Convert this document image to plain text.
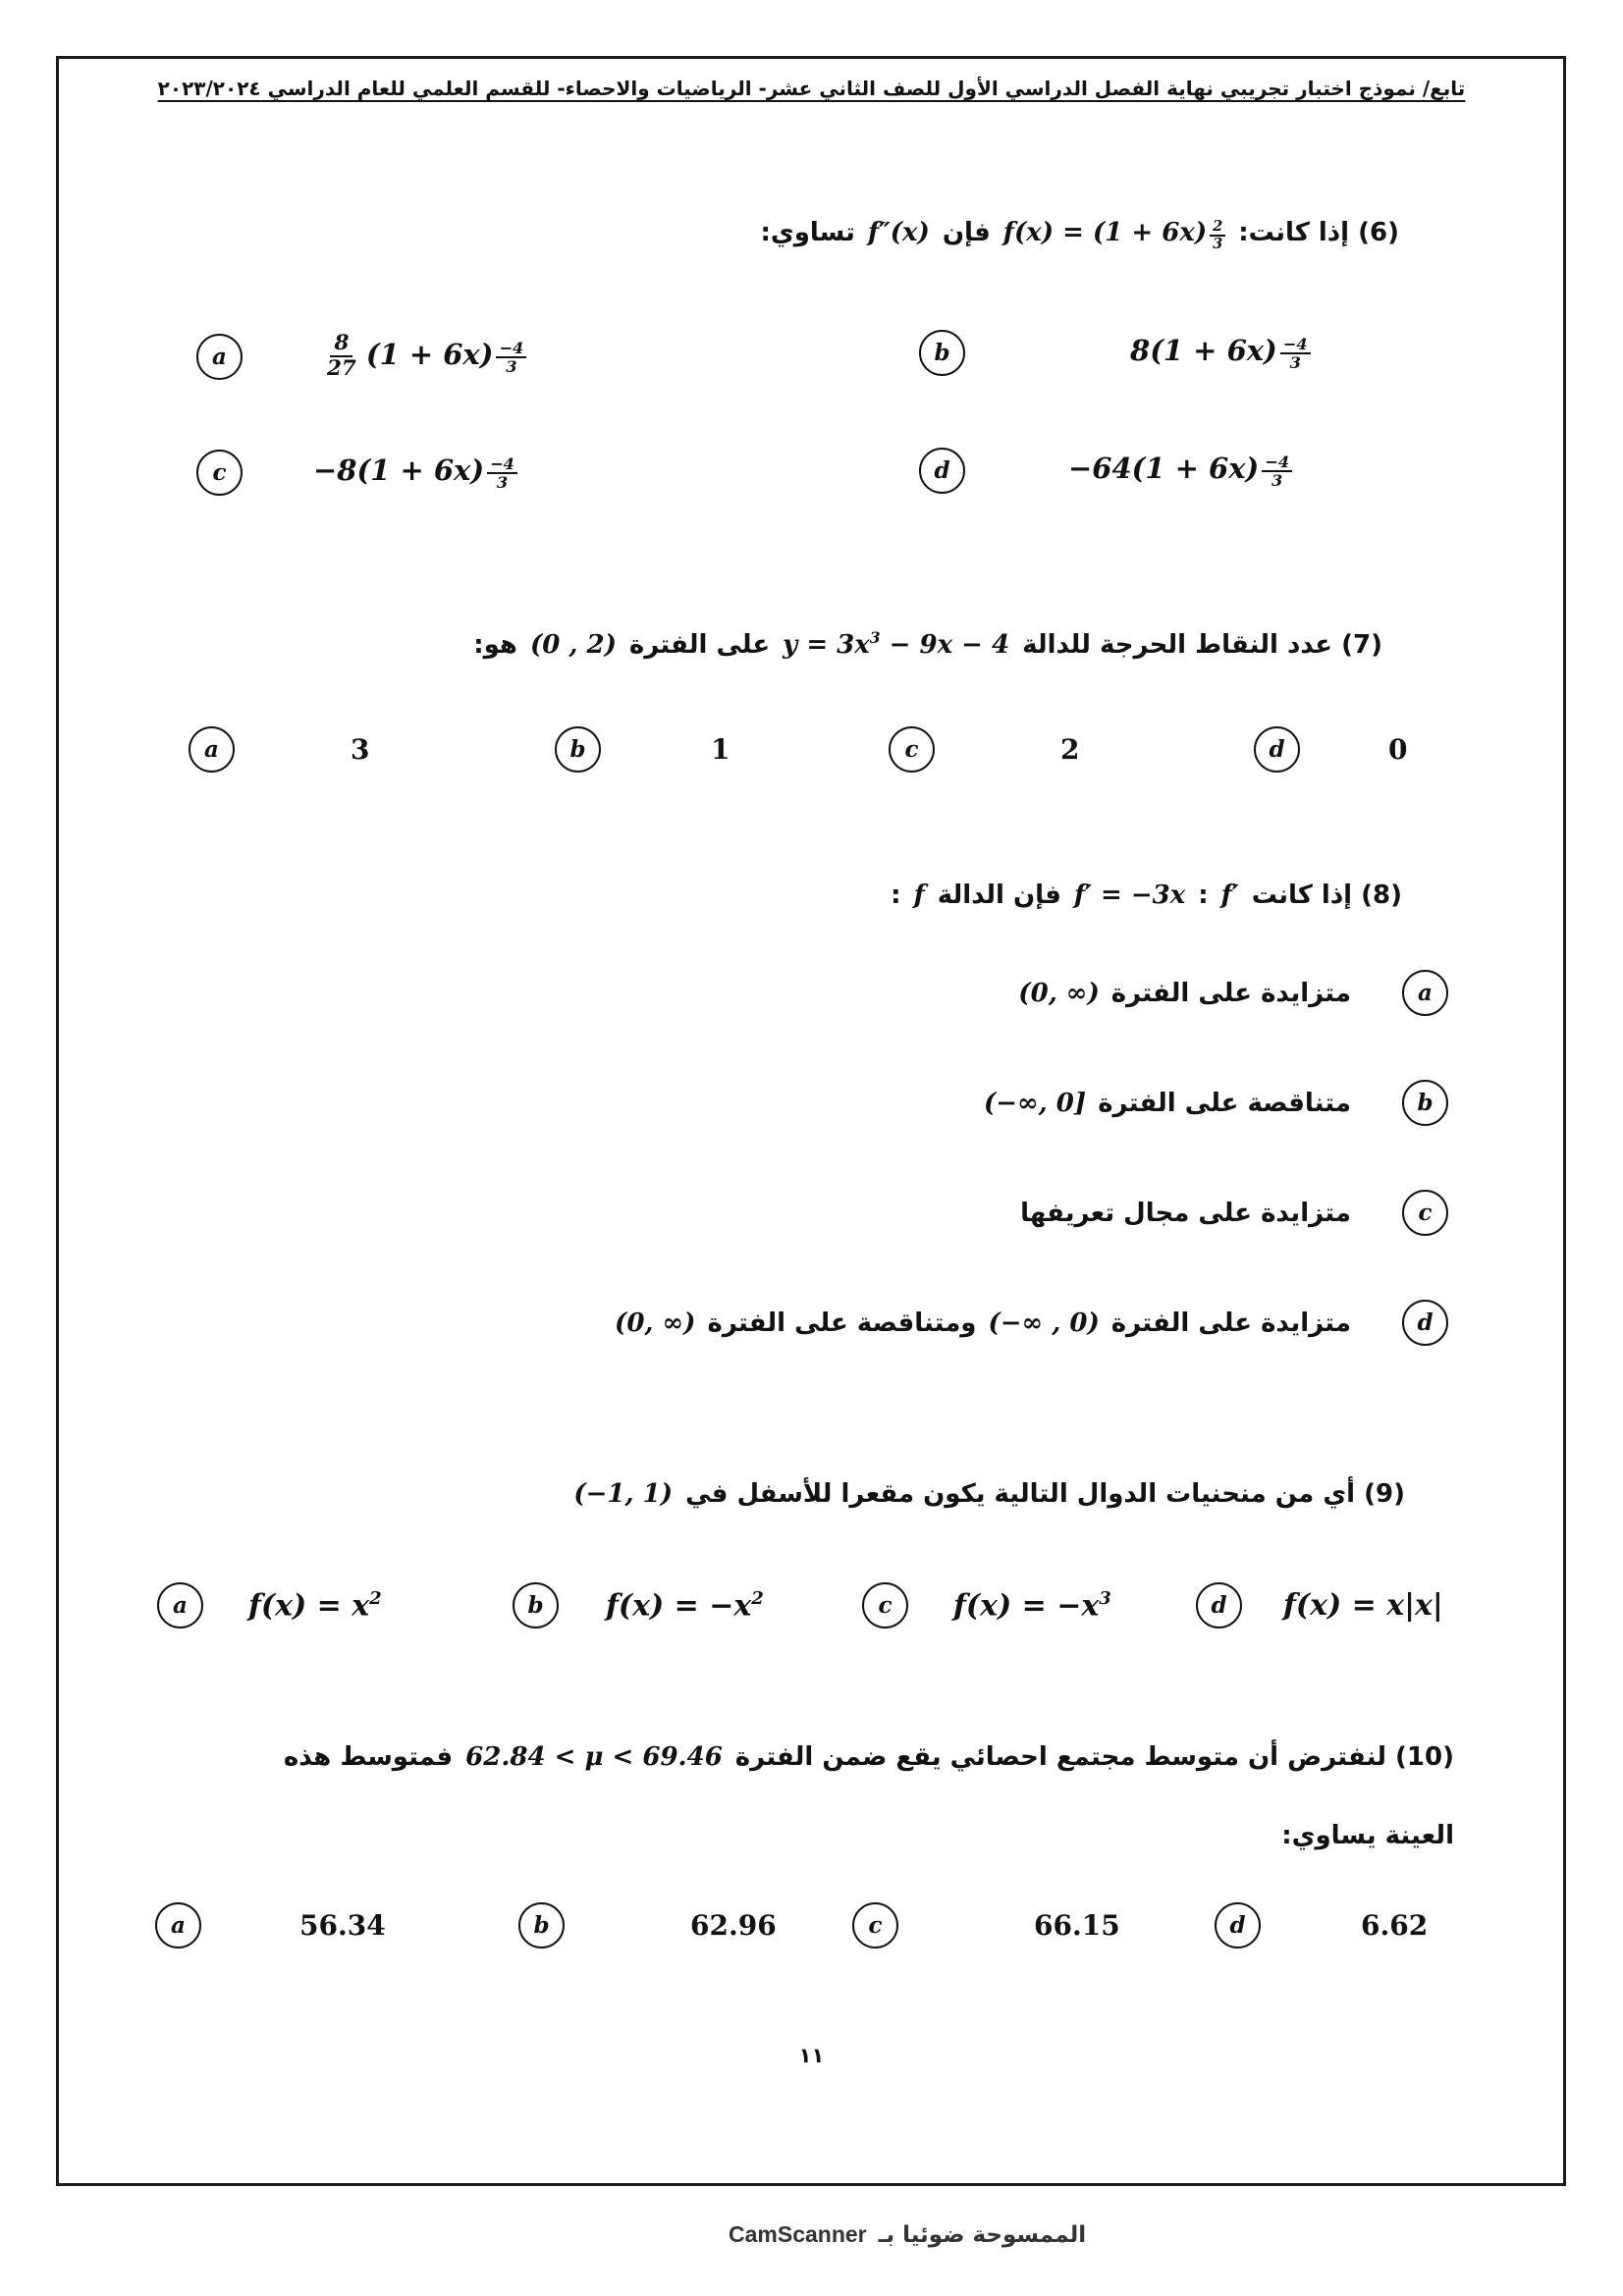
تابع/ نموذج اختبار تجريبي نهاية الفصل الدراسي الأول للصف الثاني عشر- الرياضيات والاحصاء- للقسم العلمي للعام الدراسي ٢٠٢٣/٢٠٢٤
(6) إذا كانت:
$f(x) = (1 + 6x) \frac{2}{3}$
فإن
f″(x)
تساوي:
a	$\frac{8}{27} (1 + 6x) \frac{-4}{3}$	b	$8(1 + 6x) \frac{-4}{3}$
c	$-8(1 + 6x) \frac{-4}{3}$	d	$-64(1 + 6x) \frac{-4}{3}$
(7) عدد النقاط الحرجة للدالة
$y = 3x^3 - 9x - 4$
على الفترة
(0 , 2)
هو:
a	3	b	1	c	2	d	0
(8) إذا كانت
f′
:
f′ = −3x
فإن الدالة
f
:
a
متزايدة على الفترة
(0, ∞)
b
متناقصة على الفترة
(−∞, 0]
c
متزايدة على مجال تعريفها
d
متزايدة على الفترة
(−∞ , 0)
ومتناقصة على الفترة
(0, ∞)
(9) أي من منحنيات الدوال التالية يكون مقعرا للأسفل في
(−1, 1)
a $f(x) = x^2$	b $f(x) = -x^2$	c $f(x) = -x^3$	d f(x) = x|x|
(10) لنفترض أن متوسط مجتمع احصائي يقع ضمن الفترة
62.84 < μ < 69.46
فمتوسط هذه
العينة يساوي:
a	56.34	b	62.96	c	66.15	d	6.62
١١
الممسوحة ضوئيا بـ
CamScanner
